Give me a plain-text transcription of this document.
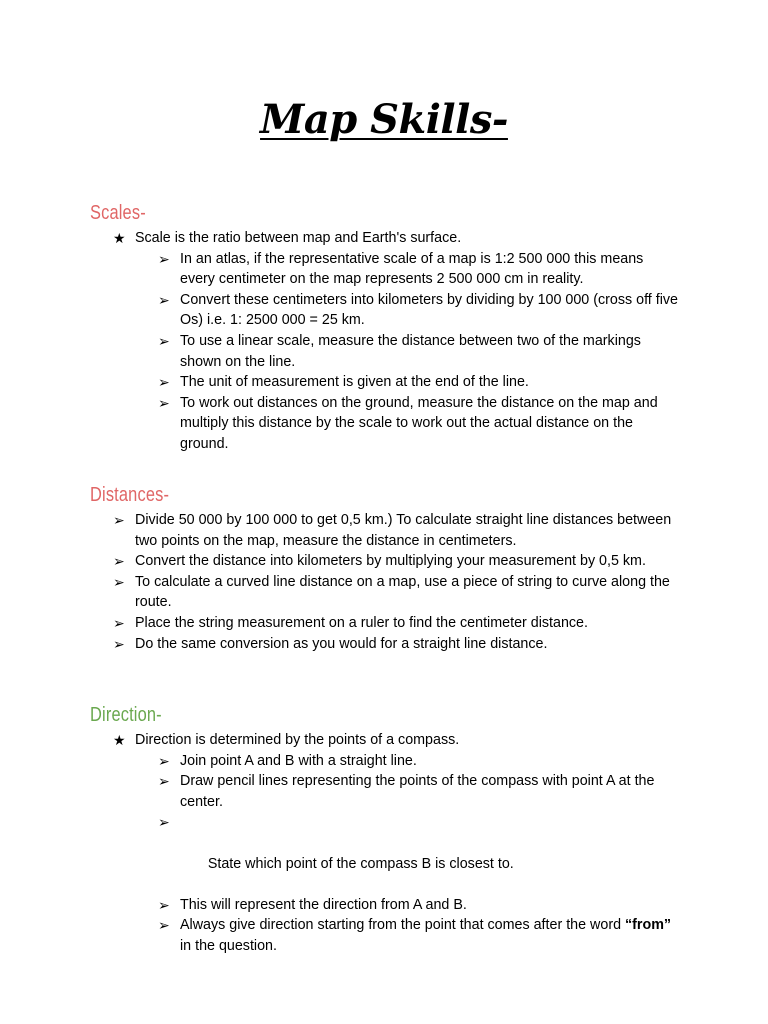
Map Skills-
Scales-
★ Scale is the ratio between map and Earth's surface.
➢ In an atlas, if the representative scale of a map is 1:2 500 000 this means every centimeter on the map represents 2 500 000 cm in reality.
➢ Convert these centimeters into kilometers by dividing by 100 000 (cross off five Os) i.e. 1: 2500 000 = 25 km.
➢ To use a linear scale, measure the distance between two of the markings shown on the line.
➢ The unit of measurement is given at the end of the line.
➢ To work out distances on the ground, measure the distance on the map and multiply this distance by the scale to work out the actual distance on the ground.
Distances-
➢ Divide 50 000 by 100 000 to get 0,5 km.) To calculate straight line distances between two points on the map, measure the distance in centimeters.
➢ Convert the distance into kilometers by multiplying your measurement by 0,5 km.
➢ To calculate a curved line distance on a map, use a piece of string to curve along the route.
➢ Place the string measurement on a ruler to find the centimeter distance.
➢ Do the same conversion as you would for a straight line distance.
Direction-
★ Direction is determined by the points of a compass.
➢ Join point A and B with a straight line.
➢ Draw pencil lines representing the points of the compass with point A at the center.

➢

State which point of the compass B is closest to.

➢ This will represent the direction from A and B.
➢ Always give direction starting from the point that comes after the word “from” in the question.
